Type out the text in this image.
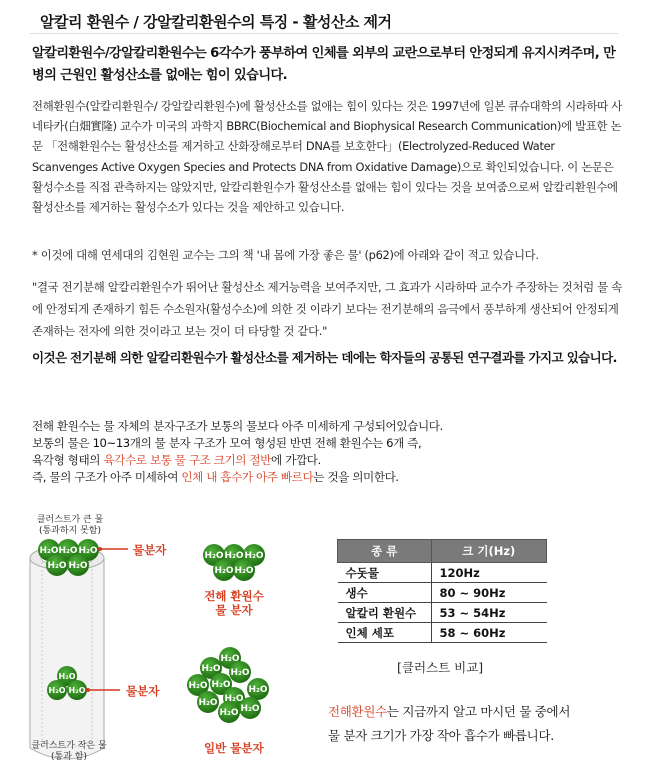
알칼리 환원수 / 강알칼리환원수의 특징 - 활성산소 제거
알칼리환원수/강알칼리환원수는 6각수가 풍부하여 인체를 외부의 교란으로부터 안정되게 유지시켜주며, 만병의 근원인 활성산소를 없애는 힘이 있습니다.
전해환원수(알칼리환원수/ 강알칼리환원수)에 활성산소를 없애는 힘이 있다는 것은 1997년에 일본 큐슈대학의 시라하따 사네타카(白畑實隆) 교수가 미국의 과학지 BBRC(Biochemical and Biophysical Research Communication)에 발표한 논문 「전해환원수는 활성산소를 제거하고 산화장해로부터 DNA를 보호한다」(Electrolyzed-Reduced Water Scanvenges Active Oxygen Species and Protects DNA from Oxidative Damage)으로 확인되었습니다. 이 논문은 활성수소를 직접 관측하지는 않았지만, 알칼리환원수가 활성산소를 없애는 힘이 있다는 것을 보여줌으로써 알칼리환원수에 활성산소를 제거하는 활성수소가 있다는 것을 제안하고 있습니다.
* 이것에 대해 연세대의 김현원 교수는 그의 책 '내 몸에 가장 좋은 물' (p62)에 아래와 같이 적고 있습니다.
"결국 전기분해 알칼리환원수가 뛰어난 활성산소 제거능력을 보여주지만, 그 효과가 시라하따 교수가 주장하는 것처럼 물 속에 안정되게 존재하기 힘든 수소원자(활성수소)에 의한 것 이라기 보다는 전기분해의 음극에서 풍부하게 생산되어 안정되게 존재하는 전자에 의한 것이라고 보는 것이 더 타당할 것 같다."
이것은 전기분해 의한 알칼리환원수가 활성산소를 제거하는 데에는 학자들의 공통된 연구결과를 가지고 있습니다.
전해 환원수는 물 자체의 분자구조가 보통의 물보다 아주 미세하게 구성되어있습니다.
보통의 물은 10~13개의 물 분자 구조가 모여 형성된 반면 전해 환원수는 6개 즉,
육각형 형태의 육각수로 보통 물 구조 크기의 절반에 가깝다.
즉, 물의 구조가 아주 미세하여 인체 내 흡수가 아주 빠르다는 것을 의미한다.
H₂O H₂O H₂O
H₂O H₂O
H₂O
H₂O H₂O
H₂O H₂O H₂O
H₂O H₂O
H₂O
H₂O H₂O
H₂O H₂O H₂O
H₂O H₂O
H₂O
H₂O
클러스트가 큰 물
(통과하지 못함)
물분자
물분자
클러스트가 작은 물
(통과 함)
전해 환원수
물 분자
일반 물분자
종 류	크 기(Hz)
수돗물	120Hz
생수	80 ~ 90Hz
알칼리 환원수	53 ~ 54Hz
인체 세포	58 ~ 60Hz
[클러스트 비교]
전해환원수는 지금까지 알고 마시던 물 중에서
물 분자 크기가 가장 작아 흡수가 빠릅니다.
